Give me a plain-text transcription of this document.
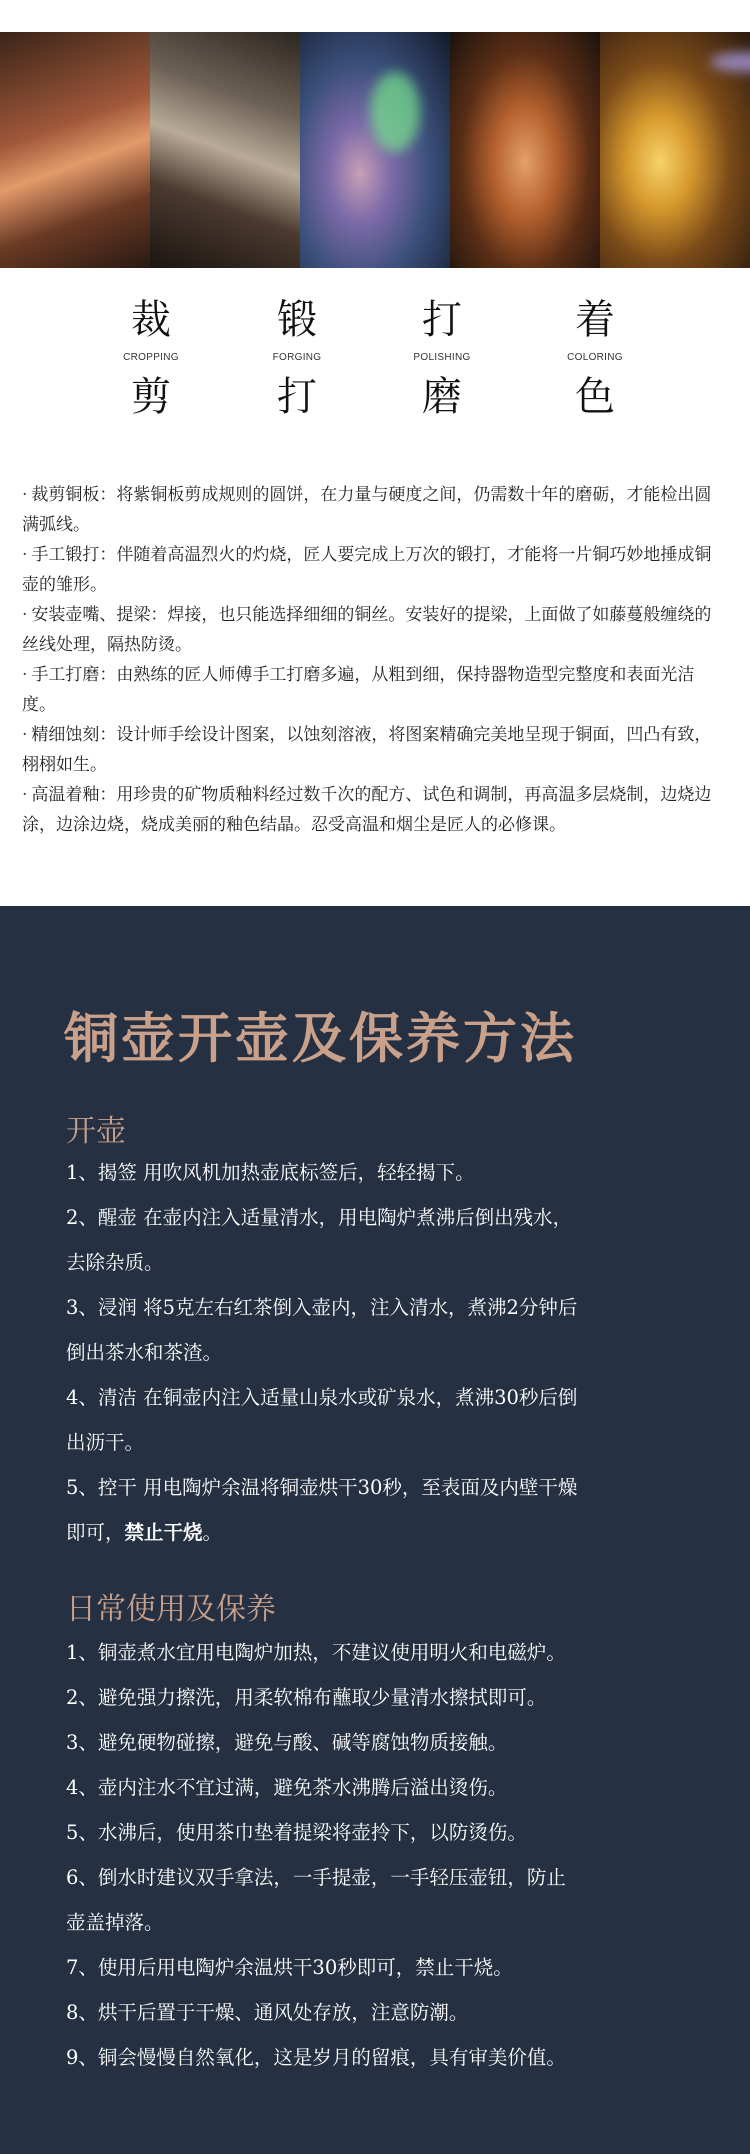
裁
CROPPING
剪
锻
FORGING
打
打
POLISHING
磨
着
COLORING
色
· 裁剪铜板：将紫铜板剪成规则的圆饼，在力量与硬度之间，仍需数十年的磨砺，才能检出圆满弧线。
· 手工锻打：伴随着高温烈火的灼烧，匠人要完成上万次的锻打，才能将一片铜巧妙地捶成铜壶的雏形。
· 安装壶嘴、提梁：焊接，也只能选择细细的铜丝。安装好的提梁，上面做了如藤蔓般缠绕的丝线处理，隔热防烫。
· 手工打磨：由熟练的匠人师傅手工打磨多遍，从粗到细，保持器物造型完整度和表面光洁度。
· 精细蚀刻：设计师手绘设计图案，以蚀刻溶液，将图案精确完美地呈现于铜面，凹凸有致，栩栩如生。
· 高温着釉：用珍贵的矿物质釉料经过数千次的配方、试色和调制，再高温多层烧制，边烧边涂，边涂边烧，烧成美丽的釉色结晶。忍受高温和烟尘是匠人的必修课。
铜壶开壶及保养方法
开壶
1、揭签 用吹风机加热壶底标签后，轻轻揭下。
2、醒壶 在壶内注入适量清水，用电陶炉煮沸后倒出残水，
去除杂质。
3、浸润 将5克左右红茶倒入壶内，注入清水，煮沸2分钟后
倒出茶水和茶渣。
4、清洁 在铜壶内注入适量山泉水或矿泉水，煮沸30秒后倒
出沥干。
5、控干 用电陶炉余温将铜壶烘干30秒，至表面及内壁干燥
即可，禁止干烧。
日常使用及保养
1、铜壶煮水宜用电陶炉加热，不建议使用明火和电磁炉。
2、避免强力擦洗，用柔软棉布蘸取少量清水擦拭即可。
3、避免硬物碰擦，避免与酸、碱等腐蚀物质接触。
4、壶内注水不宜过满，避免茶水沸腾后溢出烫伤。
5、水沸后，使用茶巾垫着提梁将壶拎下，以防烫伤。
6、倒水时建议双手拿法，一手提壶，一手轻压壶钮，防止
壶盖掉落。
7、使用后用电陶炉余温烘干30秒即可，禁止干烧。
8、烘干后置于干燥、通风处存放，注意防潮。
9、铜会慢慢自然氧化，这是岁月的留痕，具有审美价值。
